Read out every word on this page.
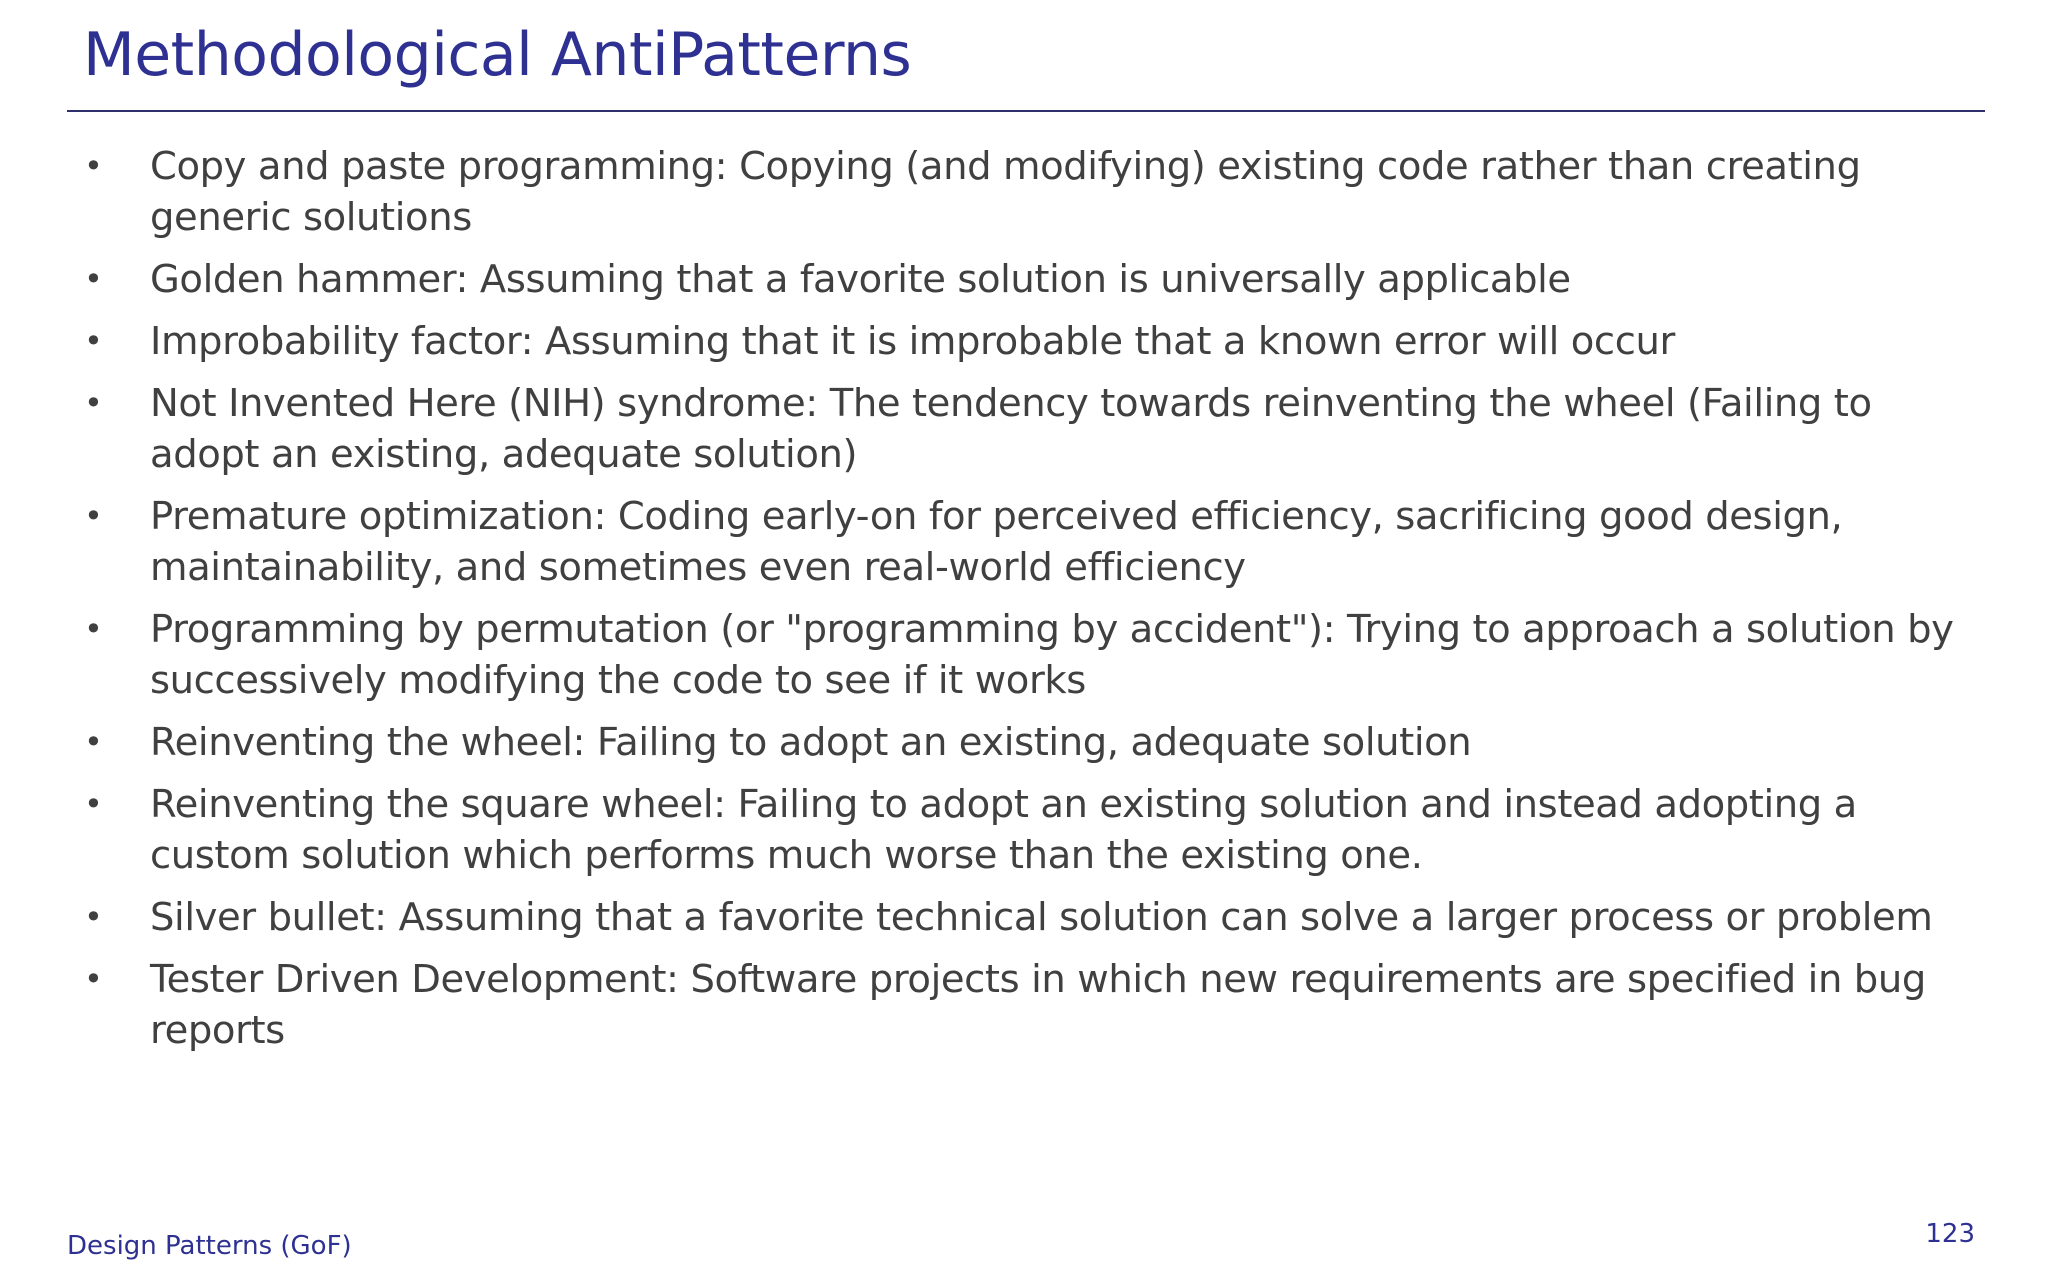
Methodological AntiPatterns
• Copy and paste programming: Copying (and modifying) existing code rather than creating generic solutions
• Golden hammer: Assuming that a favorite solution is universally applicable
• Improbability factor: Assuming that it is improbable that a known error will occur
• Not Invented Here (NIH) syndrome: The tendency towards reinventing the wheel (Failing to adopt an existing, adequate solution)
• Premature optimization: Coding early-on for perceived efficiency, sacrificing good design, maintainability, and sometimes even real-world efficiency
• Programming by permutation (or "programming by accident"): Trying to approach a solution by successively modifying the code to see if it works
• Reinventing the wheel: Failing to adopt an existing, adequate solution
• Reinventing the square wheel: Failing to adopt an existing solution and instead adopting a custom solution which performs much worse than the existing one.
• Silver bullet: Assuming that a favorite technical solution can solve a larger process or problem
• Tester Driven Development: Software projects in which new requirements are specified in bug reports
Design Patterns (GoF)	123
